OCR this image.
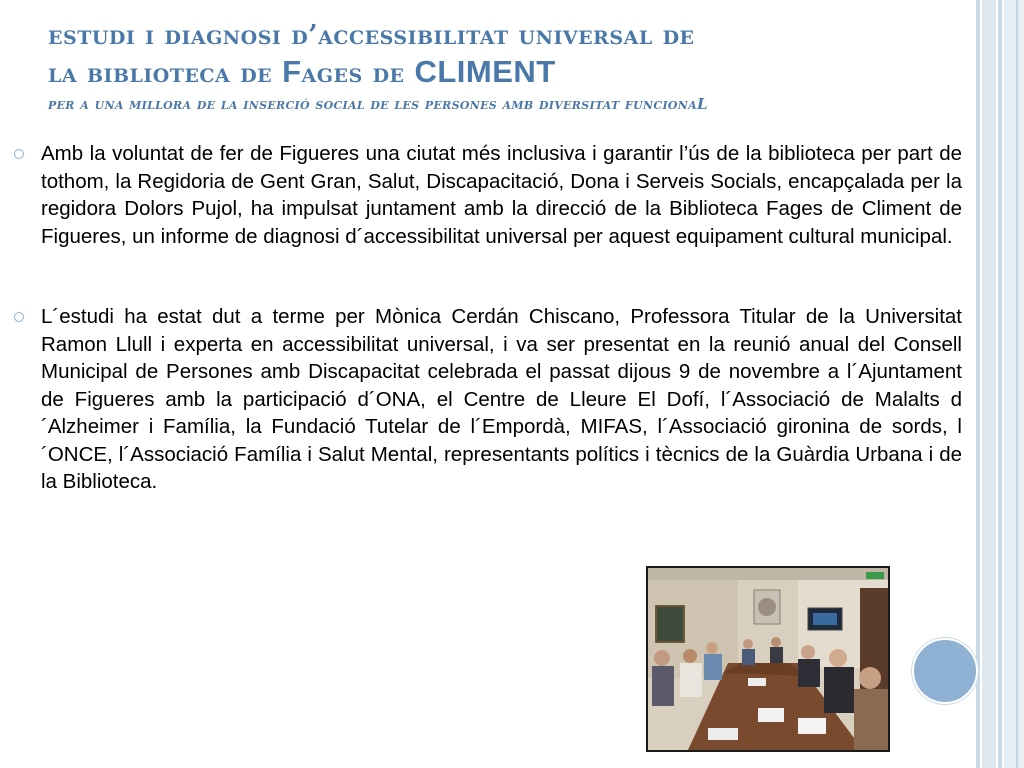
estudi i diagnosi d’accessibilitat universal de
la biblioteca de Fages de CLIMENT
per a una millora de la inserció social de les persones amb diversitat funcionaL
Amb la voluntat de fer de Figueres una ciutat més inclusiva i garantir l’ús de la biblioteca per part de tothom, la Regidoria de Gent Gran, Salut, Discapacitació, Dona i Serveis Socials, encapçalada per la regidora Dolors Pujol, ha impulsat juntament amb la direcció de la Biblioteca Fages de Climent de Figueres, un informe de diagnosi d´accessibilitat universal per aquest equipament cultural municipal.
L´estudi ha estat dut a terme per Mònica Cerdán Chiscano, Professora Titular de la Universitat Ramon Llull i experta en accessibilitat universal, i va ser presentat en la reunió anual del Consell Municipal de Persones amb Discapacitat celebrada el passat dijous 9 de novembre a l´Ajuntament de Figueres amb la participació d´ONA, el Centre de Lleure El Dofí, l´Associació de Malalts d´Alzheimer i Família, la Fundació Tutelar de l´Empordà, MIFAS, l´Associació gironina de sords, l´ONCE, l´Associació Família i Salut Mental, representants polítics i tècnics de la Guàrdia Urbana i de la Biblioteca.
